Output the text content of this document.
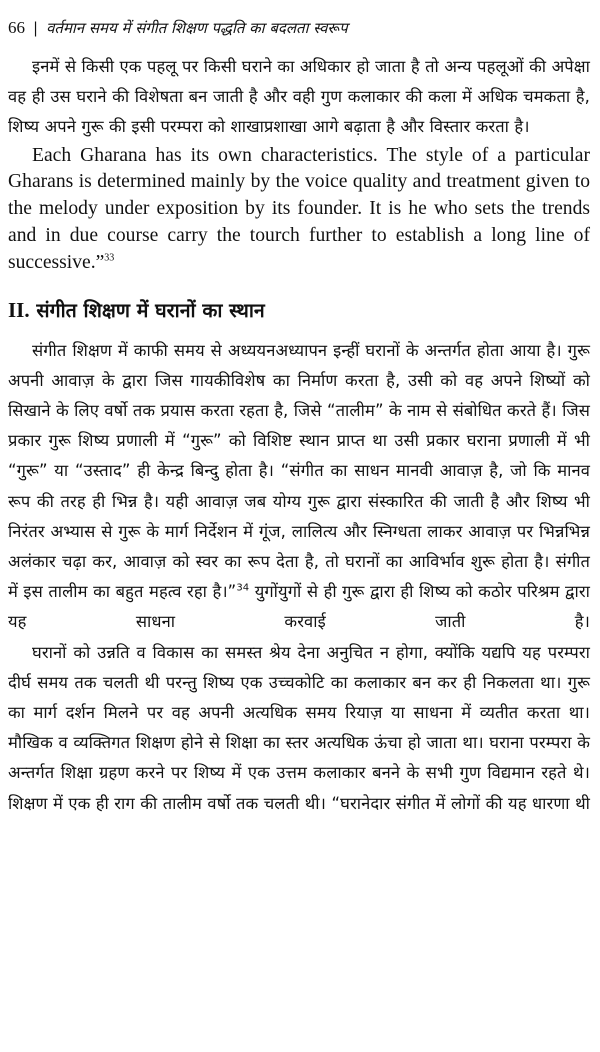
66 | वर्तमान समय में संगीत शिक्षण पद्धति का बदलता स्वरूप

इनमें से किसी एक पहलू पर किसी घराने का अधिकार हो जाता है तो अन्य पहलूओं की अपेक्षा वह ही उस घराने की विशेषता बन जाती है और वही गुण कलाकार की कला में अधिक चमकता है, शिष्य अपने गुरू की इसी परम्परा को शाखाप्रशाखा आगे बढ़ाता है और विस्तार करता है।

Each Gharana has its own characteristics. The style of a particular Gharans is determined mainly by the voice quality and treatment given to the melody under exposition by its founder. It is he who sets the trends and in due course carry the tourch further to establish a long line of successive.”$^{33}$

II. संगीत शिक्षण में घरानों का स्थान

संगीत शिक्षण में काफी समय से अध्ययनअध्यापन इन्हीं घरानों के अन्तर्गत होता आया है। गुरू अपनी आवाज़ के द्वारा जिस गायकीविशेष का निर्माण करता है, उसी को वह अपने शिष्यों को सिखाने के लिए वर्षो तक प्रयास करता रहता है, जिसे “तालीम” के नाम से संबोधित करते हैं। जिस प्रकार गुरू शिष्य प्रणाली में “गुरू” को विशिष्ट स्थान प्राप्त था उसी प्रकार घराना प्रणाली में भी “गुरू” या “उस्ताद” ही केन्द्र बिन्दु होता है। “संगीत का साधन मानवी आवाज़ है, जो कि मानव रूप की तरह ही भिन्न है। यही आवाज़ जब योग्य गुरू द्वारा संस्कारित की जाती है और शिष्य भी निरंतर अभ्यास से गुरू के मार्ग निर्देशन में गूंज, लालित्य और स्निग्धता लाकर आवाज़ पर भिन्नभिन्न अलंकार चढ़ा कर, आवाज़ को स्वर का रूप देता है, तो घरानों का आविर्भाव शुरू होता है। संगीत में इस तालीम का बहुत महत्व रहा है।”$^{34}$ युगोंयुगों से ही गुरू द्वारा ही शिष्य को कठोर परिश्रम द्वारा यह साधना करवाई जाती है।

घरानों को उन्नति व विकास का समस्त श्रेय देना अनुचित न होगा, क्योंकि यद्यपि यह परम्परा दीर्घ समय तक चलती थी परन्तु शिष्य एक उच्चकोटि का कलाकार बन कर ही निकलता था। गुरू का मार्ग दर्शन मिलने पर वह अपनी अत्यधिक समय रियाज़ या साधना में व्यतीत करता था। मौखिक व व्यक्तिगत शिक्षण होने से शिक्षा का स्तर अत्यधिक ऊंचा हो जाता था। घराना परम्परा के अन्तर्गत शिक्षा ग्रहण करने पर शिष्य में एक उत्तम कलाकार बनने के सभी गुण विद्यमान रहते थे। शिक्षण में एक ही राग की तालीम वर्षो तक चलती थी। “घरानेदार संगीत में लोगों की यह धारणा थी
